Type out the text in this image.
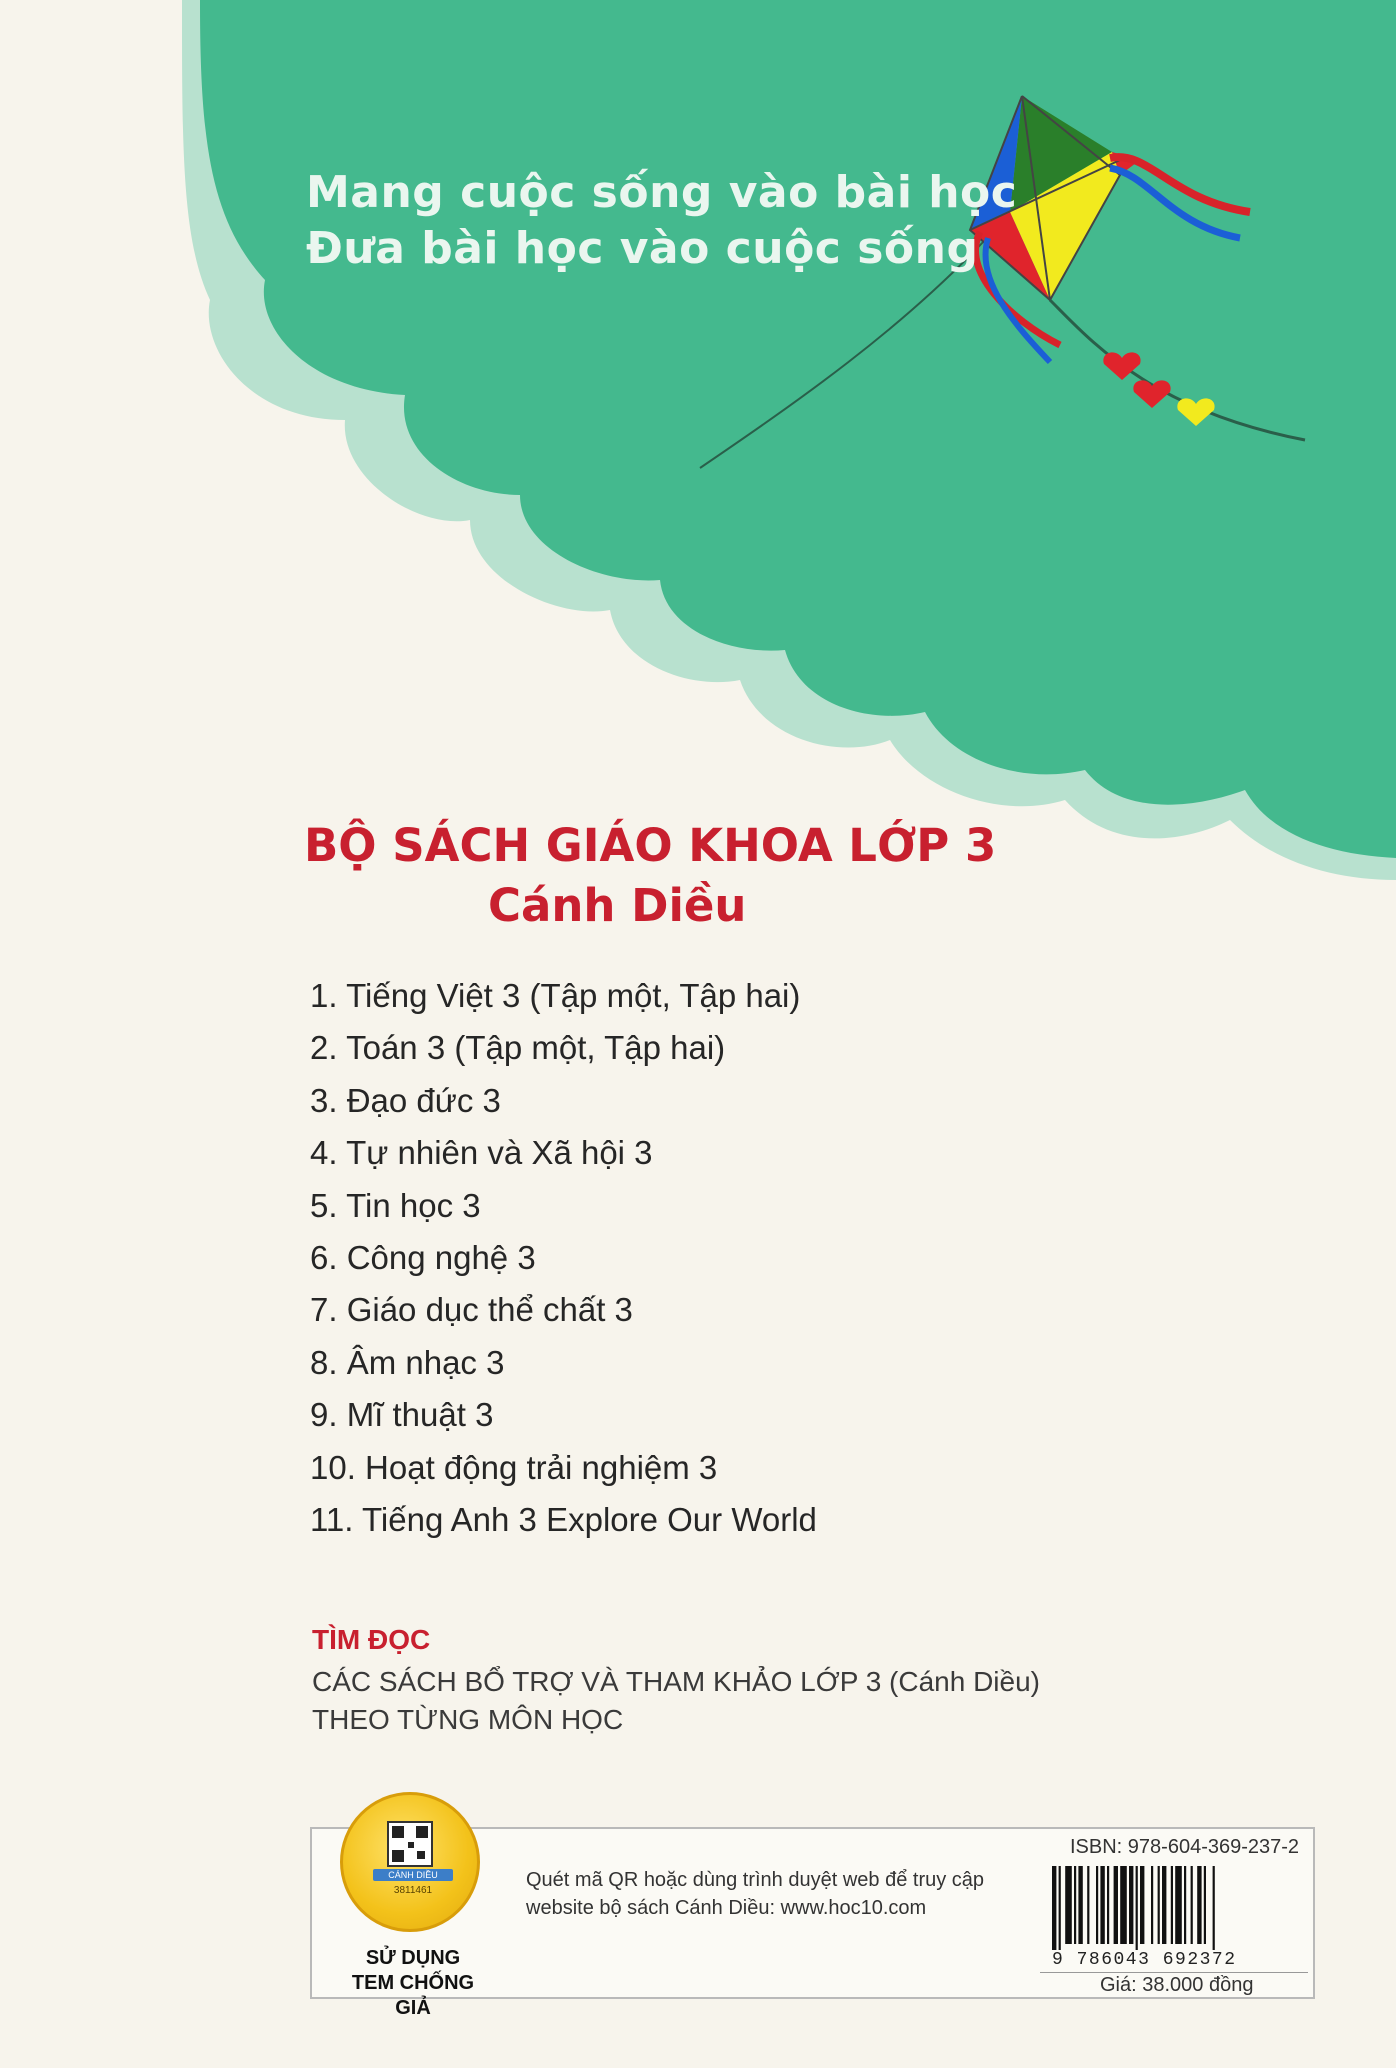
Mang cuộc sống vào bài học
Đưa bài học vào cuộc sống
BỘ SÁCH GIÁO KHOA LỚP 3
Cánh Diều
1. Tiếng Việt 3 (Tập một, Tập hai)
2. Toán 3 (Tập một, Tập hai)
3. Đạo đức 3
4. Tự nhiên và Xã hội 3
5. Tin học 3
6. Công nghệ 3
7. Giáo dục thể chất 3
8. Âm nhạc 3
9. Mĩ thuật 3
10. Hoạt động trải nghiệm 3
11. Tiếng Anh 3 Explore Our World
TÌM ĐỌC
CÁC SÁCH BỔ TRỢ VÀ THAM KHẢO LỚP 3 (Cánh Diều)
THEO TỪNG MÔN HỌC
CÁNH DIỀU
3811461
SỬ DỤNG
TEM CHỐNG GIẢ
Quét mã QR hoặc dùng trình duyệt web để truy cập
website bộ sách Cánh Diều: www.hoc10.com
ISBN: 978-604-369-237-2
9 786043 692372
Giá: 38.000 đồng
